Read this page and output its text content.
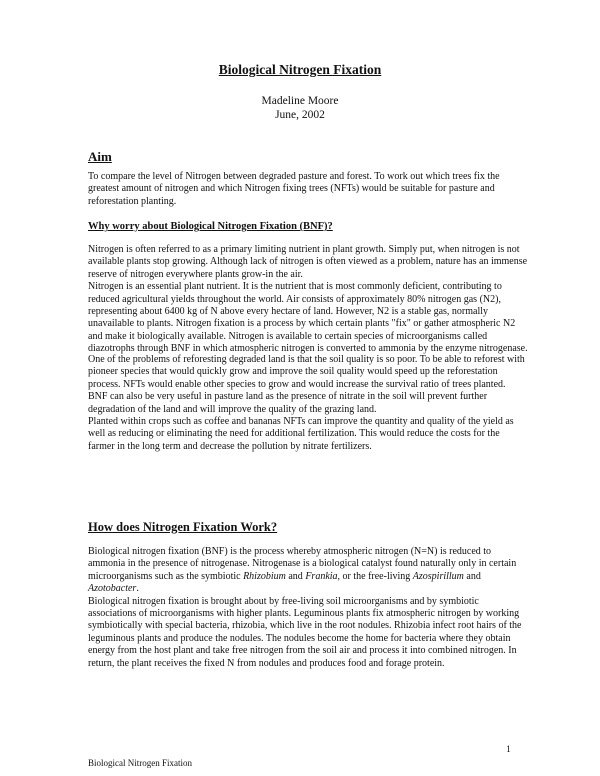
Biological Nitrogen Fixation
Madeline Moore
June, 2002
Aim

To compare the level of Nitrogen between degraded pasture and forest. To work out which trees fix the greatest amount of nitrogen and which Nitrogen fixing trees (NFTs) would be suitable for pasture and reforestation planting.

Why worry about Biological Nitrogen Fixation (BNF)?

Nitrogen is often referred to as a primary limiting nutrient in plant growth. Simply put, when nitrogen is not available plants stop growing. Although lack of nitrogen is often viewed as a problem, nature has an immense reserve of nitrogen everywhere plants grow-in the air.

Nitrogen is an essential plant nutrient. It is the nutrient that is most commonly deficient, contributing to reduced agricultural yields throughout the world. Air consists of approximately 80% nitrogen gas (N2), representing about 6400 kg of N above every hectare of land. However, N2 is a stable gas, normally unavailable to plants. Nitrogen fixation is a process by which certain plants "fix" or gather atmospheric N2 and make it biologically available. Nitrogen is available to certain species of microorganisms called diazotrophs through BNF in which atmospheric nitrogen is converted to ammonia by the enzyme nitrogenase.

One of the problems of reforesting degraded land is that the soil quality is so poor. To be able to reforest with pioneer species that would quickly grow and improve the soil quality would speed up the reforestation process. NFTs would enable other species to grow and would increase the survival ratio of trees planted.

BNF can also be very useful in pasture land as the presence of nitrate in the soil will prevent further degradation of the land and will improve the quality of the grazing land.

Planted within crops such as coffee and bananas NFTs can improve the quantity and quality of the yield as well as reducing or eliminating the need for additional fertilization. This would reduce the costs for the farmer in the long term and decrease the pollution by nitrate fertilizers.

How does Nitrogen Fixation Work?

Biological nitrogen fixation (BNF) is the process whereby atmospheric nitrogen (N=N) is reduced to ammonia in the presence of nitrogenase. Nitrogenase is a biological catalyst found naturally only in certain microorganisms such as the symbiotic Rhizobium and Frankia, or the free-living Azospirillum and Azotobacter.

Biological nitrogen fixation is brought about by free-living soil microorganisms and by symbiotic associations of microorganisms with higher plants. Leguminous plants fix atmospheric nitrogen by working symbiotically with special bacteria, rhizobia, which live in the root nodules. Rhizobia infect root hairs of the leguminous plants and produce the nodules. The nodules become the home for bacteria where they obtain energy from the host plant and take free nitrogen from the soil air and process it into combined nitrogen. In return, the plant receives the fixed N from nodules and produces food and forage protein.

1
Biological Nitrogen Fixation
